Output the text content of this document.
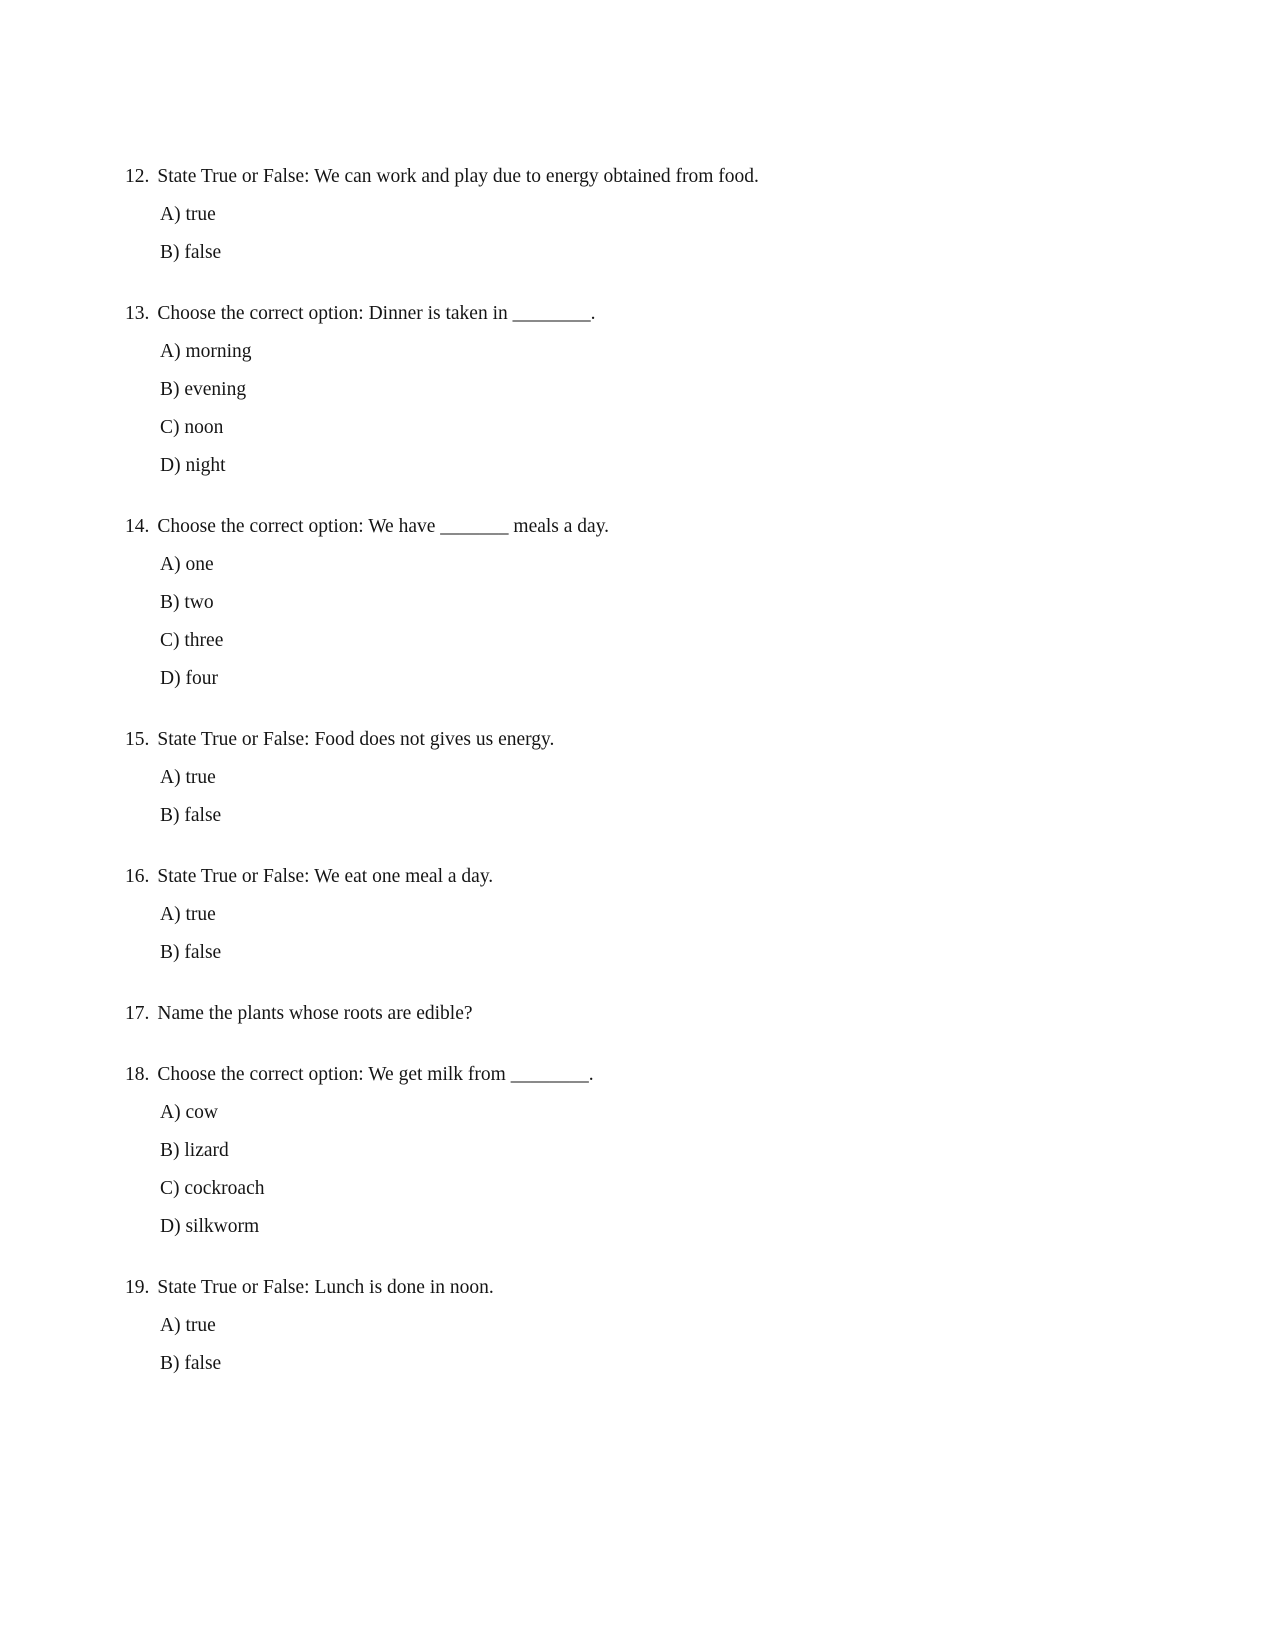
12. State True or False: We can work and play due to energy obtained from food.
A) true
B) false
13. Choose the correct option: Dinner is taken in ________.
A) morning
B) evening
C) noon
D) night
14. Choose the correct option: We have _______ meals a day.
A) one
B) two
C) three
D) four
15. State True or False: Food does not gives us energy.
A) true
B) false
16. State True or False: We eat one meal a day.
A) true
B) false
17. Name the plants whose roots are edible?
18. Choose the correct option: We get milk from ________.
A) cow
B) lizard
C) cockroach
D) silkworm
19. State True or False: Lunch is done in noon.
A) true
B) false
